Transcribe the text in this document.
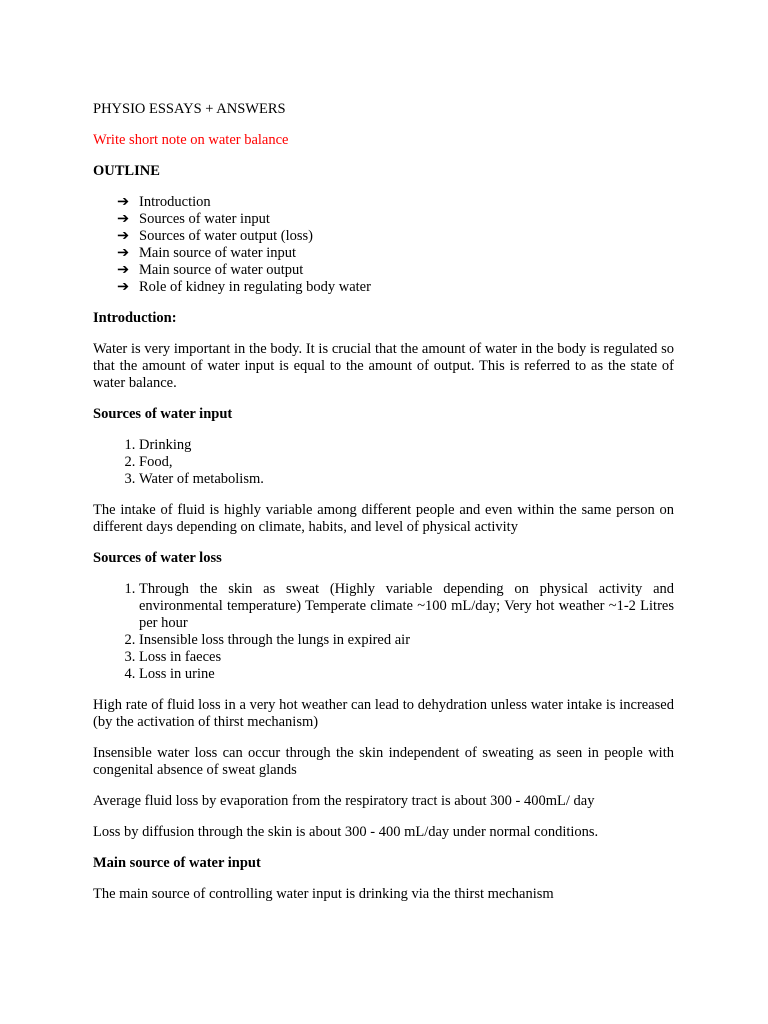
PHYSIO ESSAYS + ANSWERS

Write short note on water balance

OUTLINE

➔ Introduction
➔ Sources of water input
➔ Sources of water output (loss)
➔ Main source of water input
➔ Main source of water output
➔ Role of kidney in regulating body water

Introduction:

Water is very important in the body. It is crucial that the amount of water in the body is regulated so that the amount of water input is equal to the amount of output. This is referred to as the state of water balance.

Sources of water input

1. Drinking
2. Food,
3. Water of metabolism.

The intake of fluid is highly variable among different people and even within the same person on different days depending on climate, habits, and level of physical activity

Sources of water loss

1. Through the skin as sweat (Highly variable depending on physical activity and environmental temperature) Temperate climate ~100 mL/day; Very hot weather ~1-2 Litres per hour
2. Insensible loss through the lungs in expired air
3. Loss in faeces
4. Loss in urine

High rate of fluid loss in a very hot weather can lead to dehydration unless water intake is increased (by the activation of thirst mechanism)

Insensible water loss can occur through the skin independent of sweating as seen in people with congenital absence of sweat glands

Average fluid loss by evaporation from the respiratory tract is about 300 - 400mL/ day

Loss by diffusion through the skin is about 300 - 400 mL/day under normal conditions.

Main source of water input

The main source of controlling water input is drinking via the thirst mechanism
